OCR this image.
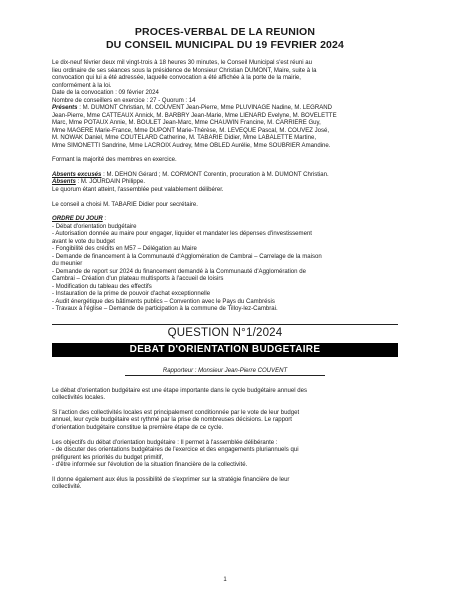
PROCES-VERBAL DE LA REUNION
DU CONSEIL MUNICIPAL DU 19 FEVRIER 2024
Le dix-neuf février deux mil vingt-trois à 18 heures 30 minutes, le Conseil Municipal s'est réuni au
lieu ordinaire de ses séances sous la présidence de Monsieur Christian DUMONT, Maire, suite à la
convocation qui lui a été adressée, laquelle convocation a été affichée à la porte de la mairie,
conformément à la loi.
Date de la convocation : 09 février 2024
Nombre de conseillers en exercice : 27 - Quorum : 14
Présents : M. DUMONT Christian, M. COUVENT Jean-Pierre, Mme PLUVINAGE Nadine, M. LEGRAND
Jean-Pierre, Mme CATTEAUX Annick, M. BARBRY Jean-Marie, Mme LIENARD Evelyne, M. BOVELETTE
Marc, Mme POTAUX Annie, M. BOULET Jean-Marc, Mme CHAUWIN Francine, M. CARRIERE Guy,
Mme MAGERE Marie-France, Mme DUPONT Marie-Thérèse, M. LEVEQUE Pascal, M. COUVEZ José,
M. NOWAK Daniel, Mme COUTELARD Catherine, M. TABARIE Didier, Mme LABALETTE Martine,
Mme SIMONETTI Sandrine, Mme LACROIX Audrey, Mme OBLED Aurélie, Mme SOUBRIER Amandine.
Formant la majorité des membres en exercice.
Absents excusés : M. DEHON Gérard ; M. CORMONT Corentin, procuration à M. DUMONT Christian.
Absents : M. JOURDAIN Philippe.
Le quorum étant atteint, l'assemblée peut valablement délibérer.
Le conseil a choisi M. TABARIE Didier pour secrétaire.
ORDRE DU JOUR :
- Débat d'orientation budgétaire
- Autorisation donnée au maire pour engager, liquider et mandater les dépenses d'investissement
avant le vote du budget
- Fongibilité des crédits en M57 – Délégation au Maire
- Demande de financement à la Communauté d'Agglomération de Cambrai – Carrelage de la maison
du meunier
- Demande de report sur 2024 du financement demandé à la Communauté d'Agglomération de
Cambrai – Création d'un plateau multisports à l'accueil de loisirs
- Modification du tableau des effectifs
- Instauration de la prime de pouvoir d'achat exceptionnelle
- Audit énergétique des bâtiments publics – Convention avec le Pays du Cambrésis
- Travaux à l'église – Demande de participation à la commune de Tilloy-lez-Cambrai.
QUESTION N°1/2024
DEBAT D'ORIENTATION BUDGETAIRE
Rapporteur : Monsieur Jean-Pierre COUVENT
Le débat d'orientation budgétaire est une étape importante dans le cycle budgétaire annuel des
collectivités locales.
Si l'action des collectivités locales est principalement conditionnée par le vote de leur budget
annuel, leur cycle budgétaire est rythmé par la prise de nombreuses décisions. Le rapport
d'orientation budgétaire constitue la première étape de ce cycle.
Les objectifs du débat d'orientation budgétaire : Il permet à l'assemblée délibérante :
- de discuter des orientations budgétaires de l'exercice et des engagements pluriannuels qui
préfigurent les priorités du budget primitif,
- d'être informée sur l'évolution de la situation financière de la collectivité.
Il donne également aux élus la possibilité de s'exprimer sur la stratégie financière de leur
collectivité.
1
